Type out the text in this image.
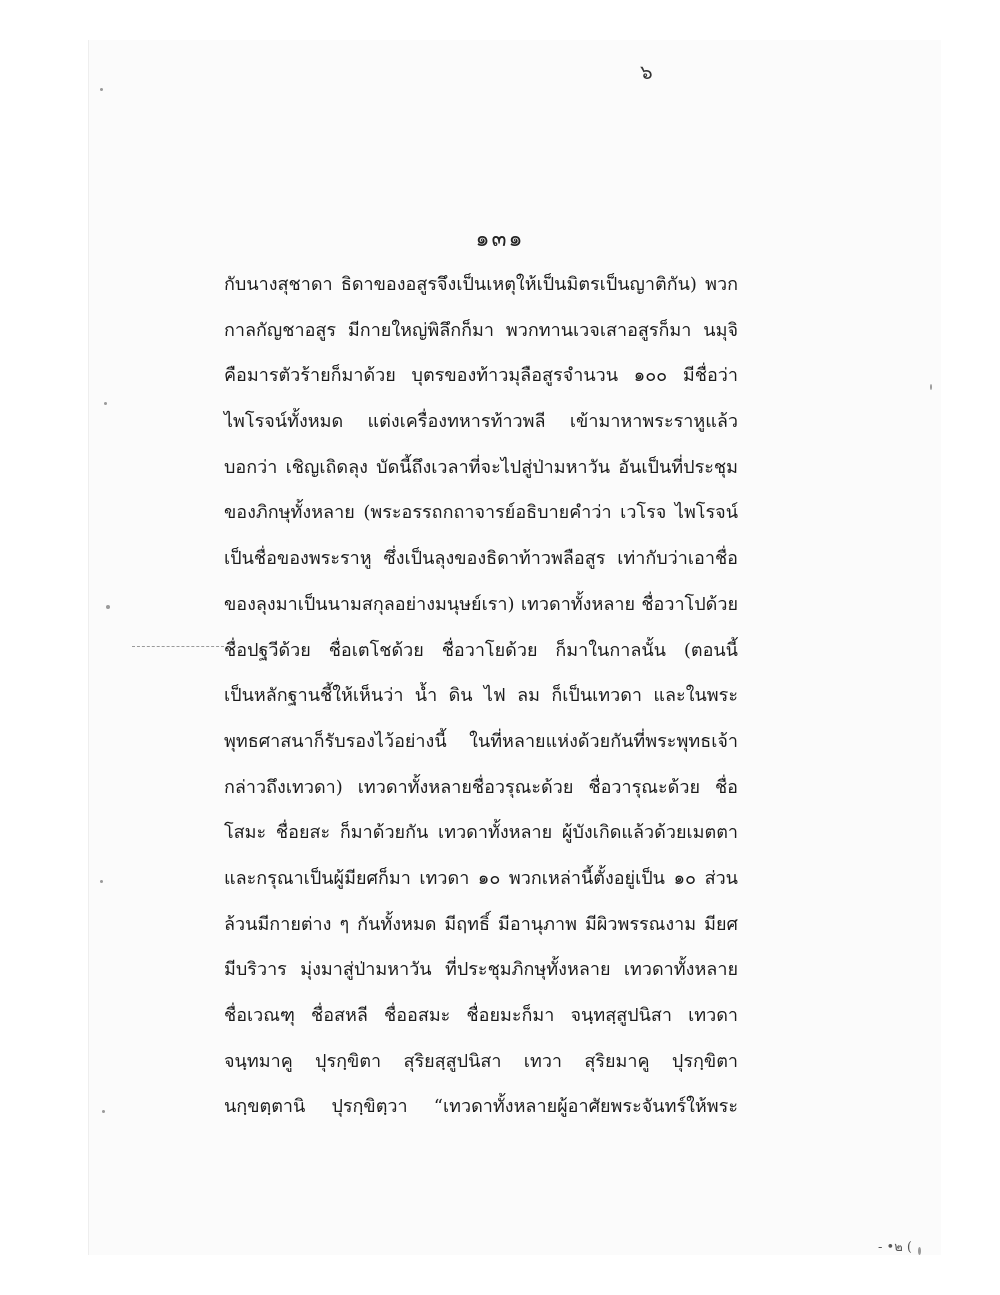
๖
๑๓๑
กับนางสุชาดา ธิดาของอสูรจึงเป็นเหตุให้เป็นมิตรเป็นญาติกัน) พวก
กาลกัญชาอสูร มีกายใหญ่พิลึกก็มา พวกทานเวจเสาอสูรก็มา นมุจิ
คือมารตัวร้ายก็มาด้วย บุตรของท้าวมุลือสูรจำนวน ๑๐๐ มีชื่อว่า
ไพโรจน์ทั้งหมด แต่งเครื่องทหารท้าวพลี เข้ามาหาพระราหูแล้ว
บอกว่า เชิญเถิดลุง บัดนี้ถึงเวลาที่จะไปสู่ป่ามหาวัน อันเป็นที่ประชุม
ของภิกษุทั้งหลาย (พระอรรถกถาจารย์อธิบายคำว่า เวโรจ ไพโรจน์
เป็นชื่อของพระราหู ซึ่งเป็นลุงของธิดาท้าวพลือสูร เท่ากับว่าเอาชื่อ
ของลุงมาเป็นนามสกุลอย่างมนุษย์เรา) เทวดาทั้งหลาย ชื่อวาโปด้วย
ชื่อปฐวีด้วย ชื่อเตโชด้วย ชื่อวาโยด้วย ก็มาในกาลนั้น (ตอนนี้
เป็นหลักฐานชี้ให้เห็นว่า น้ำ ดิน ไฟ ลม ก็เป็นเทวดา และในพระ
พุทธศาสนาก็รับรองไว้อย่างนี้ ในที่หลายแห่งด้วยกันที่พระพุทธเจ้า
กล่าวถึงเทวดา) เทวดาทั้งหลายชื่อวรุณะด้วย ชื่อวารุณะด้วย ชื่อ
โสมะ ชื่อยสะ ก็มาด้วยกัน เทวดาทั้งหลาย ผู้บังเกิดแล้วด้วยเมตตา
และกรุณาเป็นผู้มียศก็มา เทวดา ๑๐ พวกเหล่านี้ตั้งอยู่เป็น ๑๐ ส่วน
ล้วนมีกายต่าง ๆ กันทั้งหมด มีฤทธิ์ มีอานุภาพ มีผิวพรรณงาม มียศ
มีบริวาร มุ่งมาสู่ป่ามหาวัน ที่ประชุมภิกษุทั้งหลาย เทวดาทั้งหลาย
ชื่อเวณฑุ ชื่อสหลี ชื่ออสมะ ชื่อยมะก็มา จนฺทสฺสูปนิสา เทวดา
จนฺทมาคู ปุรกฺขิตา สุริยสฺสูปนิสา เทวา สุริยมาคู ปุรกฺขิตา
นกฺขตฺตานิ ปุรกฺขิตฺวา “เทวดาทั้งหลายผู้อาศัยพระจันทร์ให้พระ
- •๒ (
